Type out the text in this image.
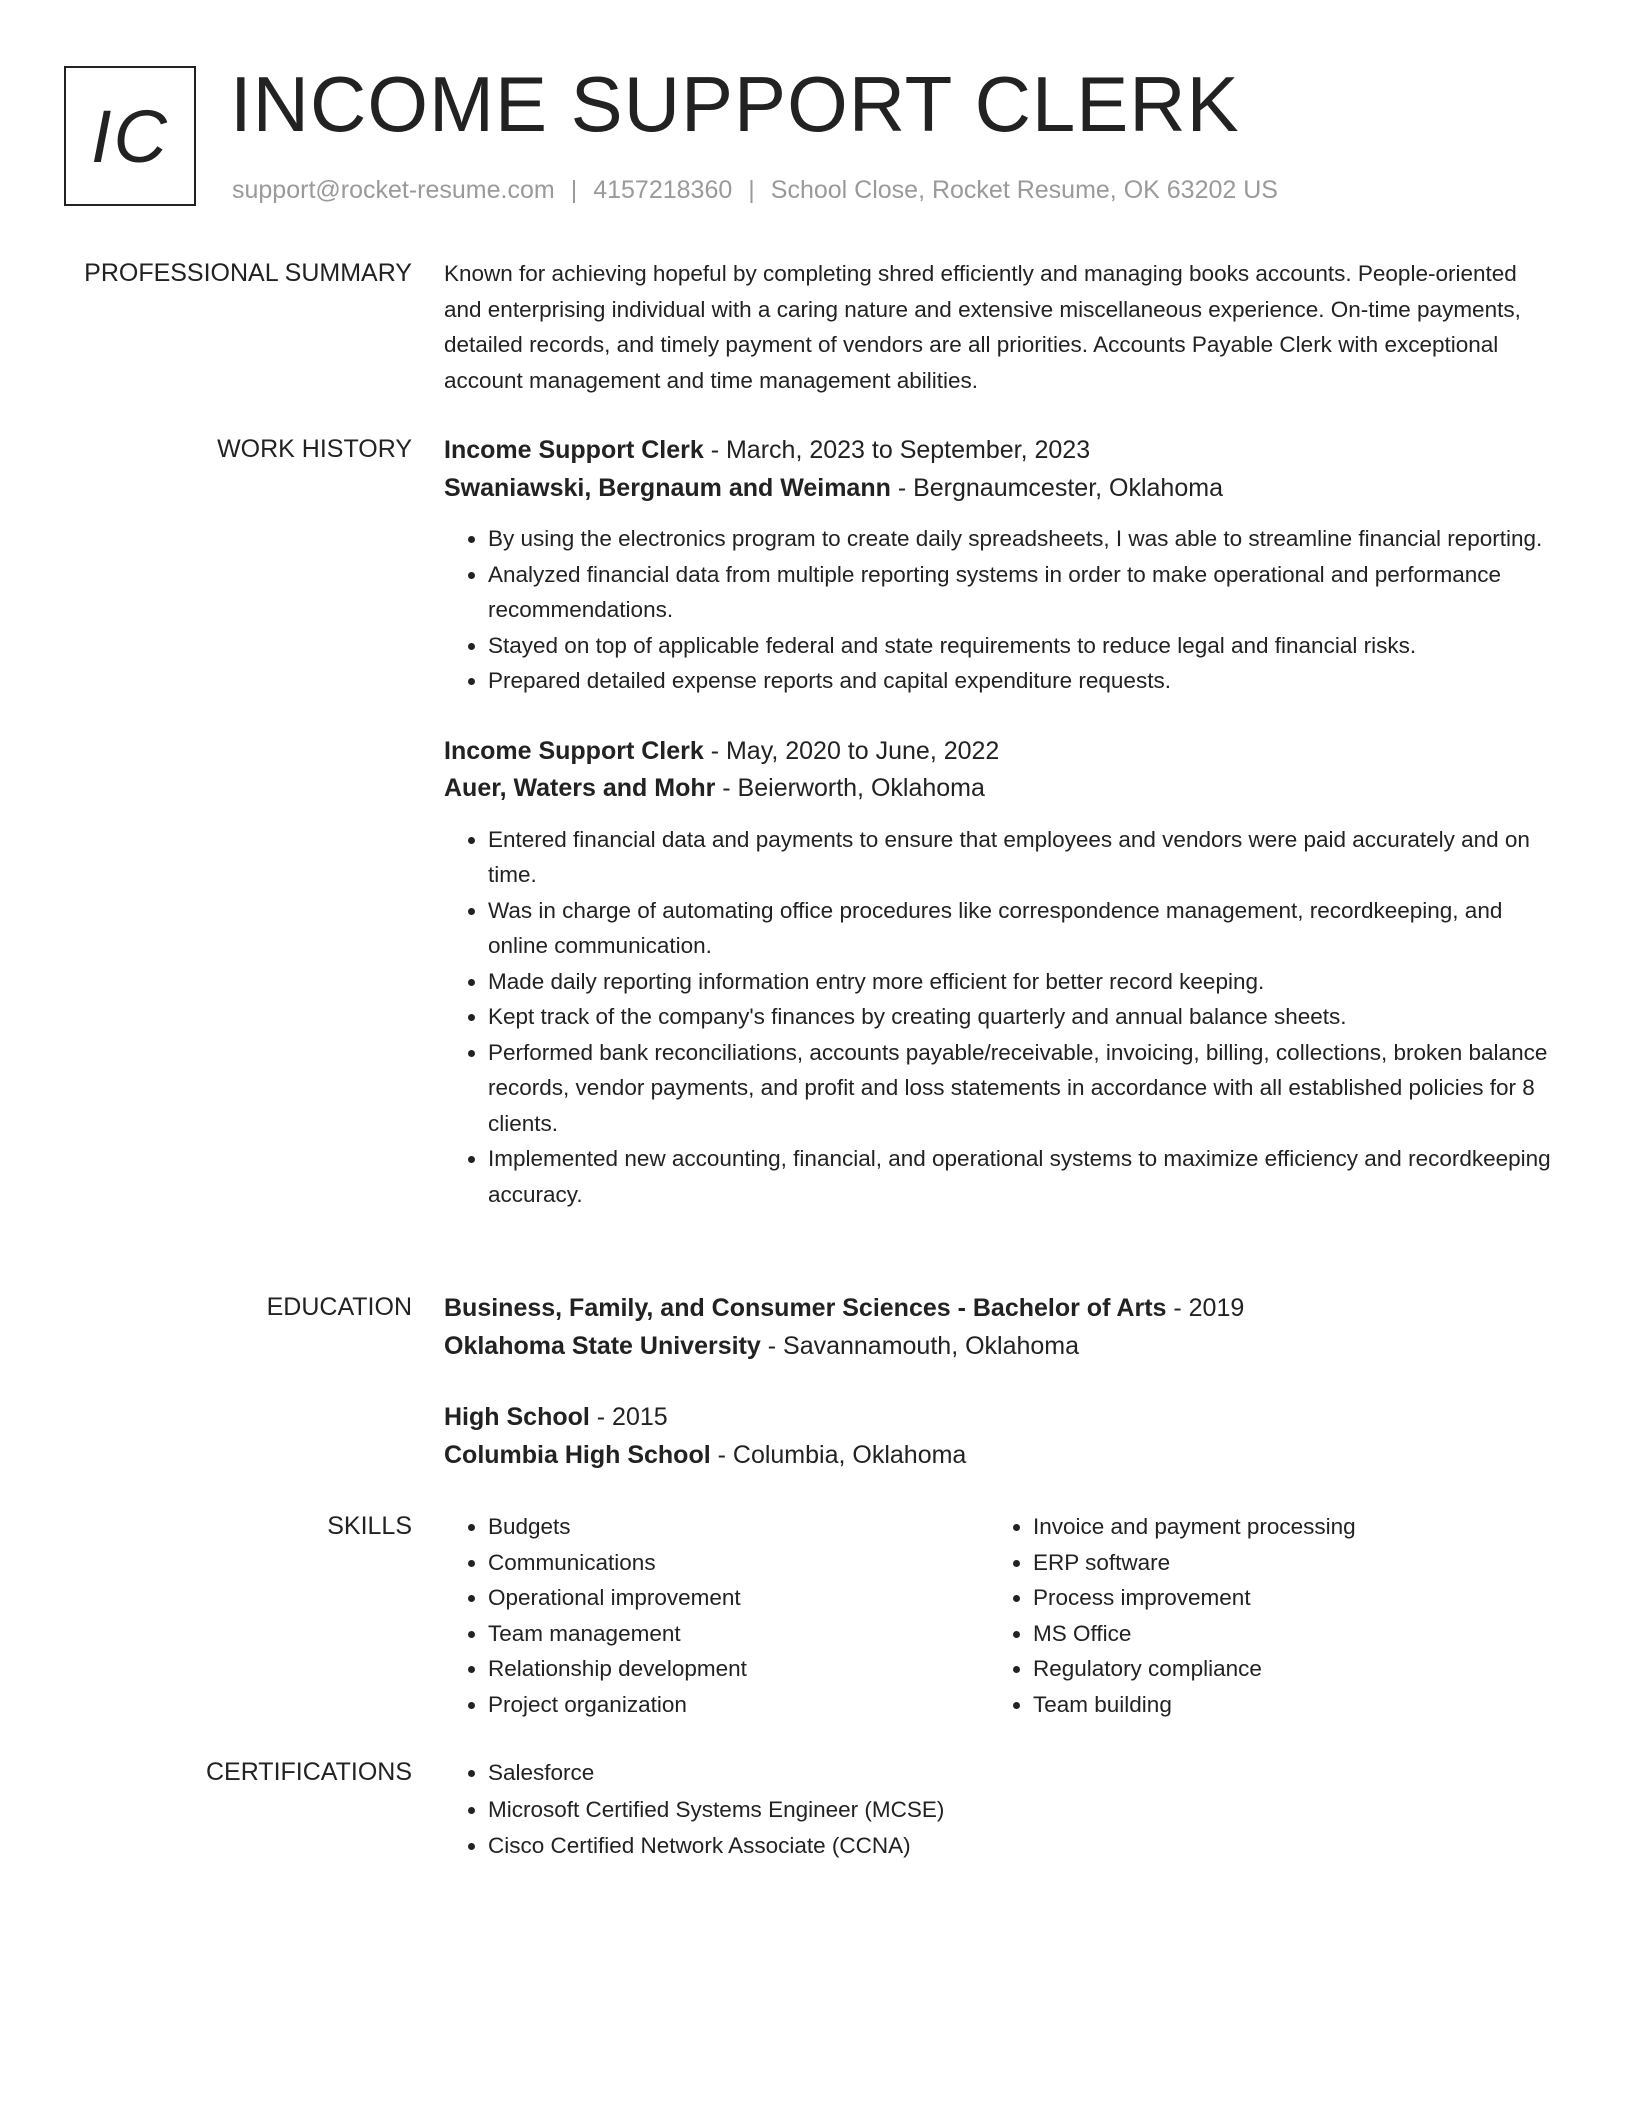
IC INCOME SUPPORT CLERK
support@rocket-resume.com | 4157218360 | School Close, Rocket Resume, OK 63202 US
PROFESSIONAL SUMMARY Known for achieving hopeful by completing shred efficiently and managing books accounts. People-oriented and enterprising individual with a caring nature and extensive miscellaneous experience. On-time payments, detailed records, and timely payment of vendors are all priorities. Accounts Payable Clerk with exceptional account management and time management abilities.

WORK HISTORY Income Support Clerk - March, 2023 to September, 2023

Swaniawski, Bergnaum and Weimann - Bergnaumcester, Oklahoma

• By using the electronics program to create daily spreadsheets, I was able to streamline financial reporting.
• Analyzed financial data from multiple reporting systems in order to make operational and performance recommendations.
• Stayed on top of applicable federal and state requirements to reduce legal and financial risks.
• Prepared detailed expense reports and capital expenditure requests.

Income Support Clerk - May, 2020 to June, 2022

Auer, Waters and Mohr - Beierworth, Oklahoma

• Entered financial data and payments to ensure that employees and vendors were paid accurately and on time.
• Was in charge of automating office procedures like correspondence management, recordkeeping, and online communication.
• Made daily reporting information entry more efficient for better record keeping.
• Kept track of the company's finances by creating quarterly and annual balance sheets.
• Performed bank reconciliations, accounts payable/receivable, invoicing, billing, collections, broken balance records, vendor payments, and profit and loss statements in accordance with all established policies for 8 clients.
• Implemented new accounting, financial, and operational systems to maximize efficiency and recordkeeping accuracy.
EDUCATION Business, Family, and Consumer Sciences - Bachelor of Arts - 2019

Oklahoma State University - Savannamouth, Oklahoma

High School - 2015

Columbia High School - Columbia, Oklahoma

SKILLS	• Budgets
• Communications
• Operational improvement
• Team management
• Relationship development
• Project organization
• Invoice and payment processing
• ERP software
• Process improvement
• MS Office
• Regulatory compliance
• Team building
CERTIFICATIONS	• Salesforce
• Microsoft Certified Systems Engineer (MCSE)
• Cisco Certified Network Associate (CCNA)
